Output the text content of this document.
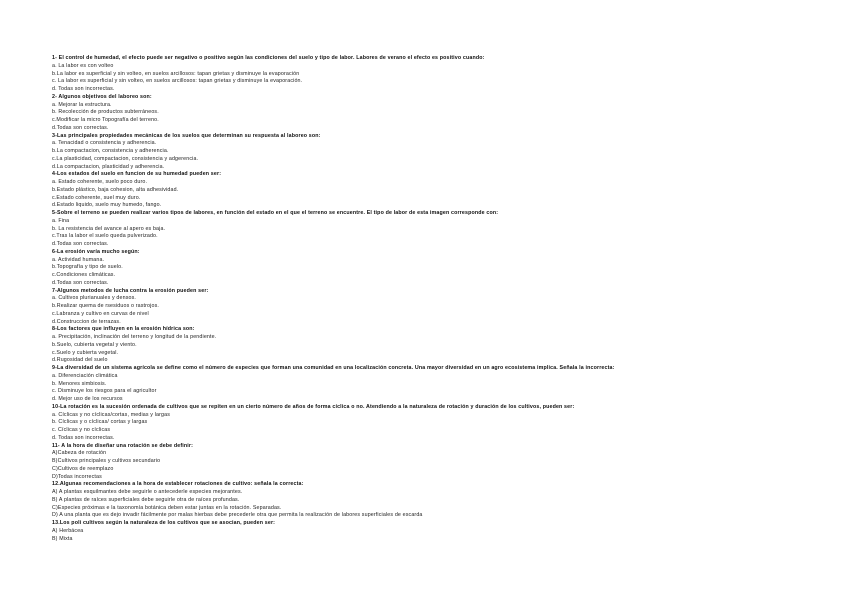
1- El control de humedad, el efecto puede ser negativo o positivo según las condiciones del suelo y tipo de labor. Labores de verano el efecto es positivo cuando:
a. La labor es con volteo
b.La labor es superficial y sin volteo, en suelos arcillosos: tapan grietas y disminuye la evaporación
c. La labor es superficial y sin volteo, en suelos arcillosos: tapan grietas y disminuye la evaporación.
d. Todas son incorrectas.
2- Algunos objetivos del laboreo son:
a. Mejorar la estructura.
b. Recolección de productos subterráneos.
c.Modificar la micro Topografía del terreno.
d.Todas son correctas.
3-Las principales propiedades mecánicas de los suelos que determinan su respuesta al laboreo son:
a. Tenacidad o consistencia y adherencia.
b.La compactacion, consistencia y adherencia.
c.La plasticidad, compactacion, consistencia y adgerencia.
d.La compactacion, plasticidad y adherencia.
4-Los estados del suelo en funcion de su humedad pueden ser:
a. Estado coherente, suelo poco duro.
b.Estado plástico, baja cohesion, alta adhesividad.
c.Estado coherente, suel muy duro.
d.Estado liquido, suelo muy humedo, fango.
5-Sobre el terreno se pueden realizar varios tipos de labores, en función del estado en el que el terreno se encuentre. El tipo de labor de esta imagen corresponde con:
a. Fina
b. La resistencia del avance al apero es baja.
c.Tras la labor el suelo queda pulverizado.
d.Todas son correctas.
6-La erosión varía mucho según:
a. Actividad humana.
b.Topografía y tipo de suelo.
c.Condiciones climáticas.
d.Todas son correctas.
7-Algunos metodos de lucha contra la erosión pueden ser:
a. Cultivos plurianuales y densos.
b.Realizar quema de rsesiduos o rastrojos.
c.Labranza y cultivo en curvas de nivel
d.Construccion de terrazas.
8-Los factores que influyen en la erosión hídrica son:
a. Precipitación, inclinación del terreno y longitud de la pendiente.
b.Suelo, cubierta vegetal y viento.
c.Suelo y cubierta vegetal.
d.Rugosidad del suelo
9-La diversidad de un sistema agrícola se define como el número de especies que forman una comunidad en una localización concreta. Una mayor diversidad en un agro ecosistema implica. Señala la incorrecta:
a. Diferenciación climática
b. Menores simbiosis.
c. Disminuye los riesgos para el agricultor
d. Mejor uso de los recursos
10-La rotación es la sucesión ordenada de cultivos que se repiten en un cierto número de años de forma cíclica o no. Atendiendo a la naturaleza de rotación y duración de los cultivos, pueden ser:
a. Cíclicas y no cíclicas/cortas, medias y largas
b. Cíclicas y o cíclicas/ cortas y largas
c. Cíclicas y no cíclicas
d. Todas son incorrectas.
11- A la hora de diseñar una rotación se debe definir:
A)Cabeza de rotación
B)Cultivos principales y cultivos secundario
C)Cultivos de reemplazo
D)Todas incorrectas
12.Algunas recomendaciones a la hora de establecer rotaciones de cultivo: señala la correcta:
A) A plantas esquilmantes debe seguirle o antecederle especies mejorantes.
B) A plantas de raíces superficiales debe seguirle otra de raíces profundas.
C)Especies próximas e la taxonomía botánica deben estar juntas en la rotación. Separadas.
D) A una planta que es dejo invadir fácilmente por malas hierbas debe precederle otra que permita la realización de labores superficiales de escarda
13.Los poli cultivos según la naturaleza de los cultivos que se asocian, pueden ser:
A) Herbácea
B) Mixta
